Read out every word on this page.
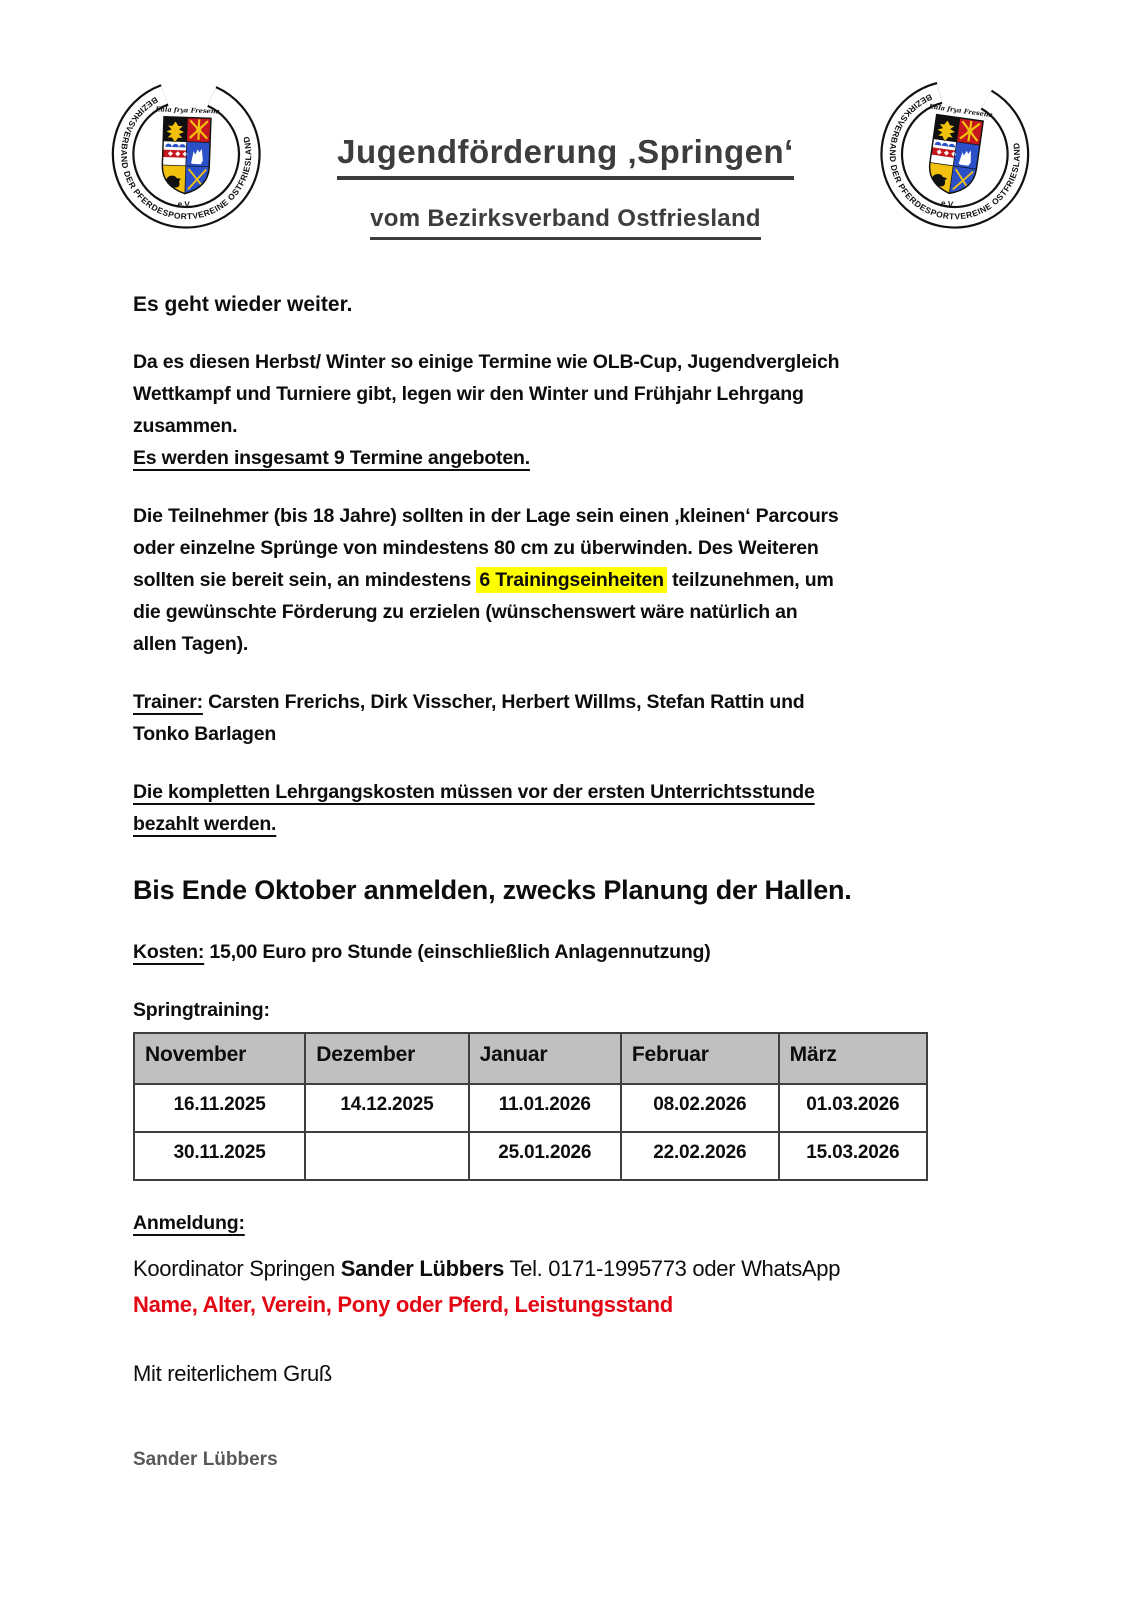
Jugendförderung ‚Springen‘
vom Bezirksverband Ostfriesland
Es geht wieder weiter.
Da es diesen Herbst/ Winter so einige Termine wie OLB-Cup, Jugendvergleich
Wettkampf und Turniere gibt, legen wir den Winter und Frühjahr Lehrgang
zusammen.
Es werden insgesamt 9 Termine angeboten.
Die Teilnehmer (bis 18 Jahre) sollten in der Lage sein einen ‚kleinen‘ Parcours
oder einzelne Sprünge von mindestens 80 cm zu überwinden. Des Weiteren
sollten sie bereit sein, an mindestens 6 Trainingseinheiten teilzunehmen, um
die gewünschte Förderung zu erzielen (wünschenswert wäre natürlich an
allen Tagen).
Trainer: Carsten Frerichs, Dirk Visscher, Herbert Willms, Stefan Rattin und
Tonko Barlagen
Die kompletten Lehrgangskosten müssen vor der ersten Unterrichtsstunde
bezahlt werden.
Bis Ende Oktober anmelden, zwecks Planung der Hallen.
Kosten: 15,00 Euro pro Stunde (einschließlich Anlagennutzung)
Springtraining:
November	Dezember	Januar	Februar	März
16.11.2025	14.12.2025	11.01.2026	08.02.2026	01.03.2026
30.11.2025		25.01.2026	22.02.2026	15.03.2026
Anmeldung:
Koordinator Springen Sander Lübbers Tel. 0171-1995773 oder WhatsApp
Name, Alter, Verein, Pony oder Pferd, Leistungsstand
Mit reiterlichem Gruß
Sander Lübbers
